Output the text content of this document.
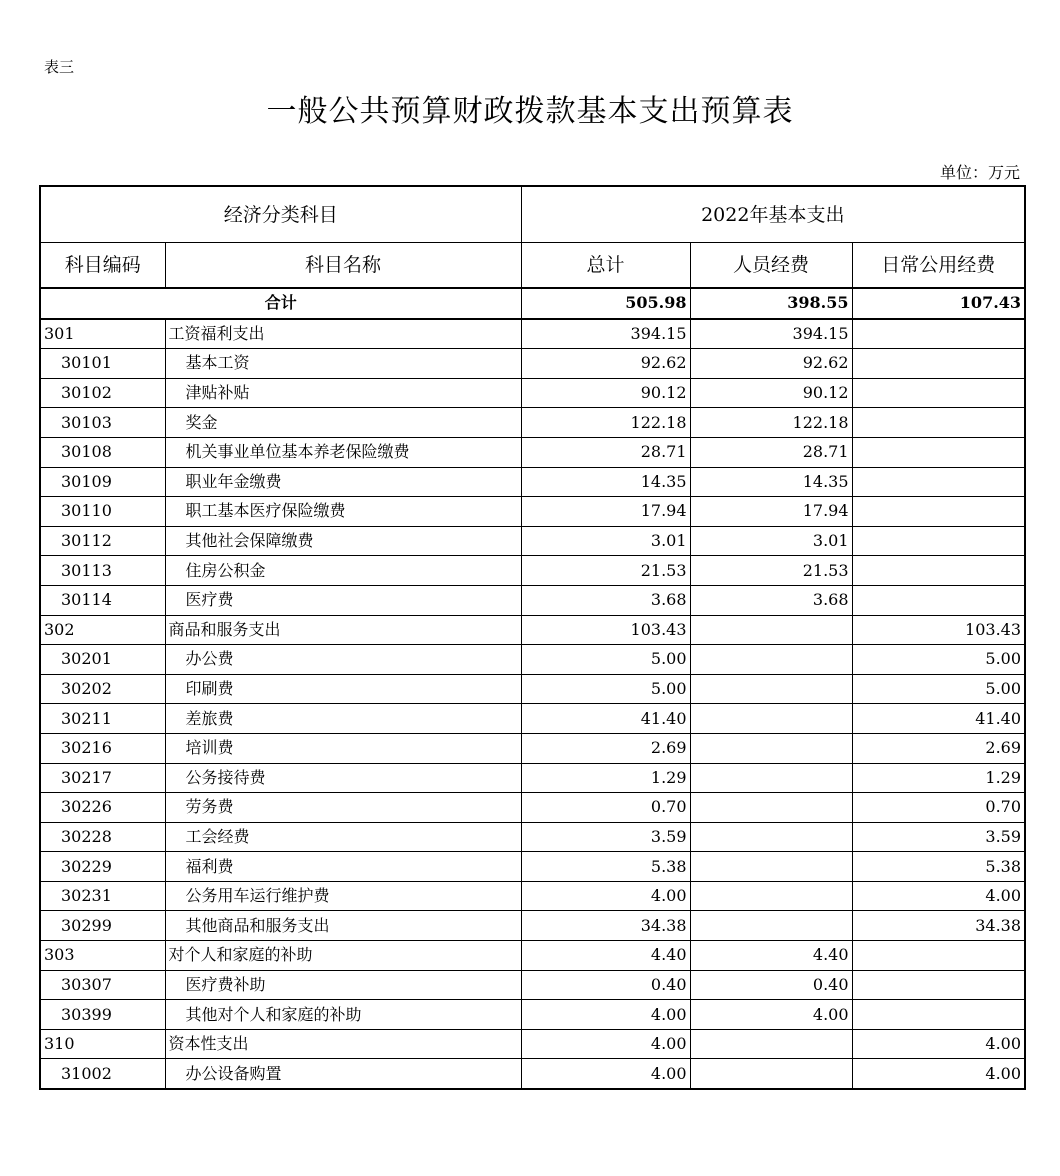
表三
一般公共预算财政拨款基本支出预算表
单位：万元
经济分类科目		2022年基本支出		
科目编码	科目名称	总计	人员经费	日常公用经费
合计		505.98	398.55	107.43
301	工资福利支出	394.15	394.15	
30101	基本工资	92.62	92.62	
30102	津贴补贴	90.12	90.12	
30103	奖金	122.18	122.18	
30108	机关事业单位基本养老保险缴费	28.71	28.71	
30109	职业年金缴费	14.35	14.35	
30110	职工基本医疗保险缴费	17.94	17.94	
30112	其他社会保障缴费	3.01	3.01	
30113	住房公积金	21.53	21.53	
30114	医疗费	3.68	3.68	
302	商品和服务支出	103.43		103.43
30201	办公费	5.00		5.00
30202	印刷费	5.00		5.00
30211	差旅费	41.40		41.40
30216	培训费	2.69		2.69
30217	公务接待费	1.29		1.29
30226	劳务费	0.70		0.70
30228	工会经费	3.59		3.59
30229	福利费	5.38		5.38
30231	公务用车运行维护费	4.00		4.00
30299	其他商品和服务支出	34.38		34.38
303	对个人和家庭的补助	4.40	4.40	
30307	医疗费补助	0.40	0.40	
30399	其他对个人和家庭的补助	4.00	4.00	
310	资本性支出	4.00		4.00
31002	办公设备购置	4.00		4.00
